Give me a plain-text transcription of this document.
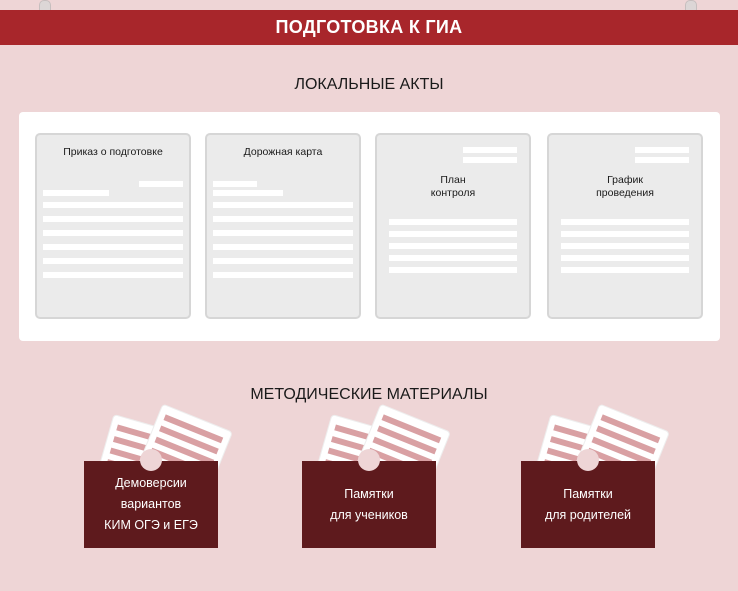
ПОДГОТОВКА К ГИА
ЛОКАЛЬНЫЕ АКТЫ
Приказ о подготовке	Дорожная карта
План
контроля
График
проведения
МЕТОДИЧЕСКИЕ МАТЕРИАЛЫ
Демоверсии
вариантов
КИМ ОГЭ и ЕГЭ
Памятки
для учеников
Памятки
для родителей
